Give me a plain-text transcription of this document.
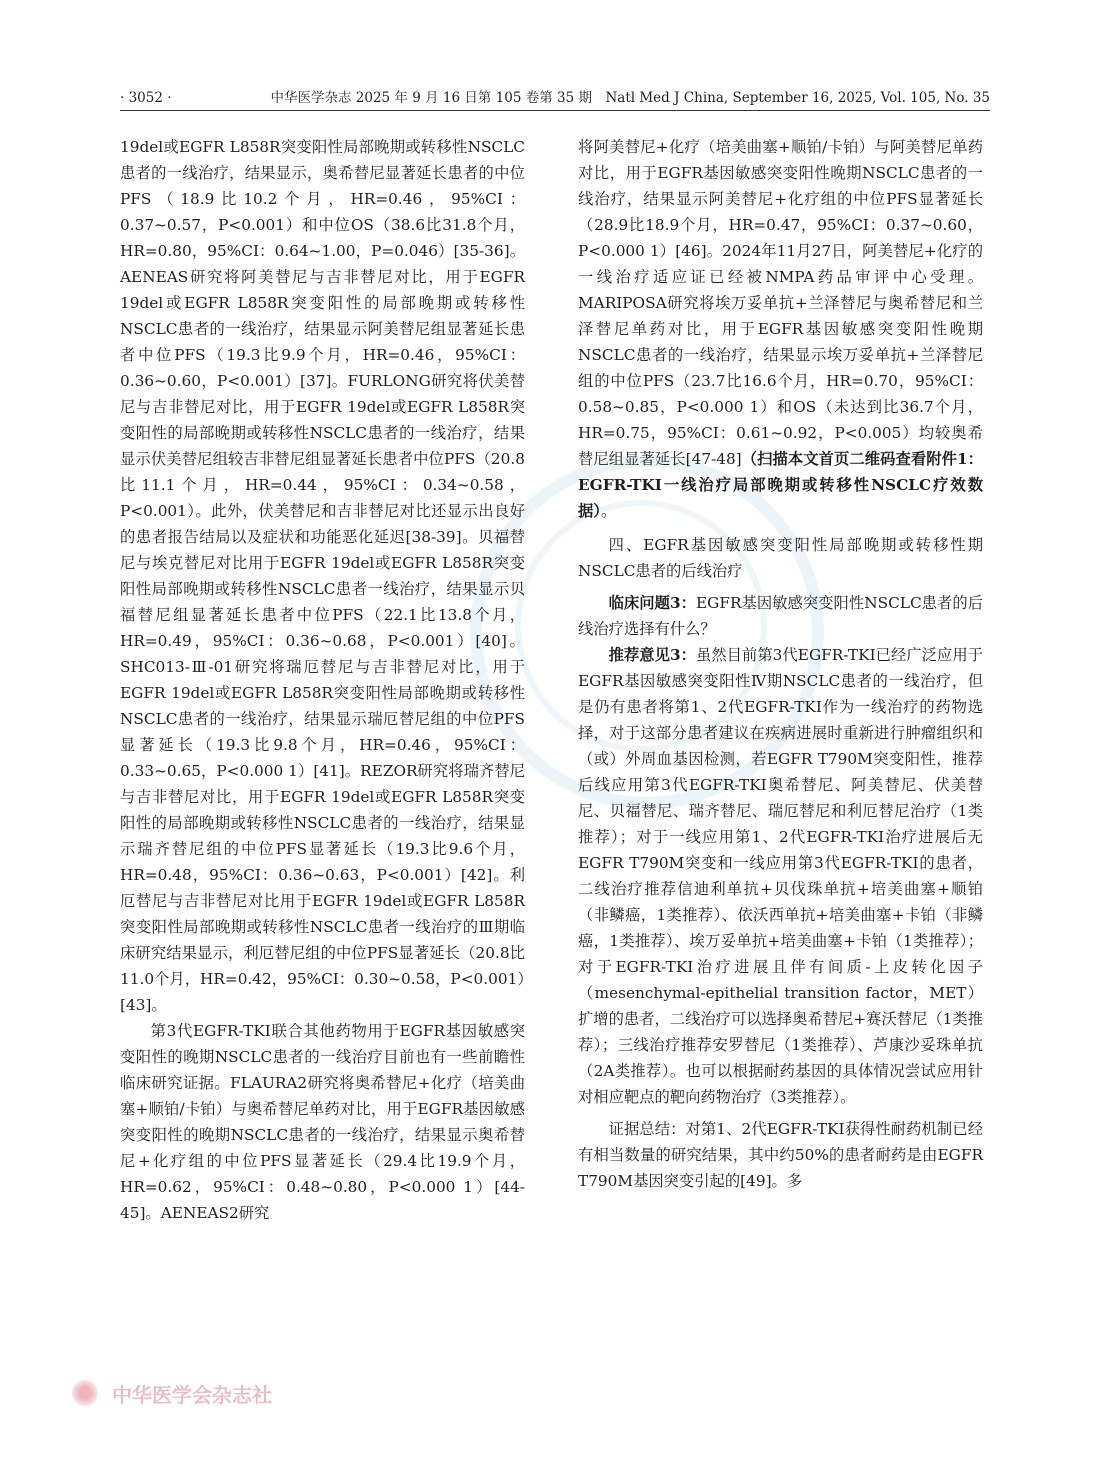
· 3052 ·	中华医学杂志 2025 年 9 月 16 日第 105 卷第 35 期　Natl Med J China, September 16, 2025, Vol. 105, No. 35

19del或EGFR L858R突变阳性局部晚期或转移性NSCLC患者的一线治疗，结果显示，奥希替尼显著延长患者的中位PFS（18.9比10.2个月，HR=0.46，95%CI：0.37~0.57，P<0.001）和中位OS（38.6比31.8个月，HR=0.80，95%CI：0.64~1.00，P=0.046）[35-36]。AENEAS研究将阿美替尼与吉非替尼对比，用于EGFR 19del或EGFR L858R突变阳性的局部晚期或转移性NSCLC患者的一线治疗，结果显示阿美替尼组显著延长患者中位PFS（19.3比9.9个月，HR=0.46，95%CI：0.36~0.60，P<0.001）[37]。FURLONG研究将伏美替尼与吉非替尼对比，用于EGFR 19del或EGFR L858R突变阳性的局部晚期或转移性NSCLC患者的一线治疗，结果显示伏美替尼组较吉非替尼组显著延长患者中位PFS（20.8比11.1个月，HR=0.44，95%CI：0.34~0.58，P<0.001）。此外，伏美替尼和吉非替尼对比还显示出良好的患者报告结局以及症状和功能恶化延迟[38-39]。贝福替尼与埃克替尼对比用于EGFR 19del或EGFR L858R突变阳性局部晚期或转移性NSCLC患者一线治疗，结果显示贝福替尼组显著延长患者中位PFS（22.1比13.8个月，HR=0.49，95%CI：0.36~0.68，P<0.001）[40]。SHC013-Ⅲ-01研究将瑞厄替尼与吉非替尼对比，用于EGFR 19del或EGFR L858R突变阳性局部晚期或转移性NSCLC患者的一线治疗，结果显示瑞厄替尼组的中位PFS显著延长（19.3比9.8个月，HR=0.46，95%CI：0.33~0.65，P<0.000 1）[41]。REZOR研究将瑞齐替尼与吉非替尼对比，用于EGFR 19del或EGFR L858R突变阳性的局部晚期或转移性NSCLC患者的一线治疗，结果显示瑞齐替尼组的中位PFS显著延长（19.3比9.6个月，HR=0.48，95%CI：0.36~0.63，P<0.001）[42]。利厄替尼与吉非替尼对比用于EGFR 19del或EGFR L858R突变阳性局部晚期或转移性NSCLC患者一线治疗的Ⅲ期临床研究结果显示，利厄替尼组的中位PFS显著延长（20.8比11.0个月，HR=0.42，95%CI：0.30~0.58，P<0.001）[43]。

第3代EGFR-TKI联合其他药物用于EGFR基因敏感突变阳性的晚期NSCLC患者的一线治疗目前也有一些前瞻性临床研究证据。FLAURA2研究将奥希替尼+化疗（培美曲塞+顺铂/卡铂）与奥希替尼单药对比，用于EGFR基因敏感突变阳性的晚期NSCLC患者的一线治疗，结果显示奥希替尼+化疗组的中位PFS显著延长（29.4比19.9个月，HR=0.62，95%CI：0.48~0.80，P<0.000 1）[44-45]。AENEAS2研究

将阿美替尼+化疗（培美曲塞+顺铂/卡铂）与阿美替尼单药对比，用于EGFR基因敏感突变阳性晚期NSCLC患者的一线治疗，结果显示阿美替尼+化疗组的中位PFS显著延长（28.9比18.9个月，HR=0.47，95%CI：0.37~0.60，P<0.000 1）[46]。2024年11月27日，阿美替尼+化疗的一线治疗适应证已经被NMPA药品审评中心受理。MARIPOSA研究将埃万妥单抗+兰泽替尼与奥希替尼和兰泽替尼单药对比，用于EGFR基因敏感突变阳性晚期NSCLC患者的一线治疗，结果显示埃万妥单抗+兰泽替尼组的中位PFS（23.7比16.6个月，HR=0.70，95%CI：0.58~0.85，P<0.000 1）和OS（未达到比36.7个月，HR=0.75，95%CI：0.61~0.92，P<0.005）均较奥希替尼组显著延长[47-48]（扫描本文首页二维码查看附件1：EGFR-TKI一线治疗局部晚期或转移性NSCLC疗效数据）。

四、EGFR基因敏感突变阳性局部晚期或转移性期NSCLC患者的后线治疗

临床问题3：EGFR基因敏感突变阳性NSCLC患者的后线治疗选择有什么？

推荐意见3：虽然目前第3代EGFR-TKI已经广泛应用于EGFR基因敏感突变阳性Ⅳ期NSCLC患者的一线治疗，但是仍有患者将第1、2代EGFR-TKI作为一线治疗的药物选择，对于这部分患者建议在疾病进展时重新进行肿瘤组织和（或）外周血基因检测，若EGFR T790M突变阳性，推荐后线应用第3代EGFR-TKI奥希替尼、阿美替尼、伏美替尼、贝福替尼、瑞齐替尼、瑞厄替尼和利厄替尼治疗（1类推荐）；对于一线应用第1、2代EGFR-TKI治疗进展后无EGFR T790M突变和一线应用第3代EGFR-TKI的患者，二线治疗推荐信迪利单抗+贝伐珠单抗+培美曲塞+顺铂（非鳞癌，1类推荐）、依沃西单抗+培美曲塞+卡铂（非鳞癌，1类推荐）、埃万妥单抗+培美曲塞+卡铂（1类推荐）；对于EGFR-TKI治疗进展且伴有间质-上皮转化因子（mesenchymal-epithelial transition factor，MET）扩增的患者，二线治疗可以选择奥希替尼+赛沃替尼（1类推荐）；三线治疗推荐安罗替尼（1类推荐）、芦康沙妥珠单抗（2A类推荐）。也可以根据耐药基因的具体情况尝试应用针对相应靶点的靶向药物治疗（3类推荐）。

证据总结：对第1、2代EGFR-TKI获得性耐药机制已经有相当数量的研究结果，其中约50%的患者耐药是由EGFR T790M基因突变引起的[49]。多

中华医学会杂志社
